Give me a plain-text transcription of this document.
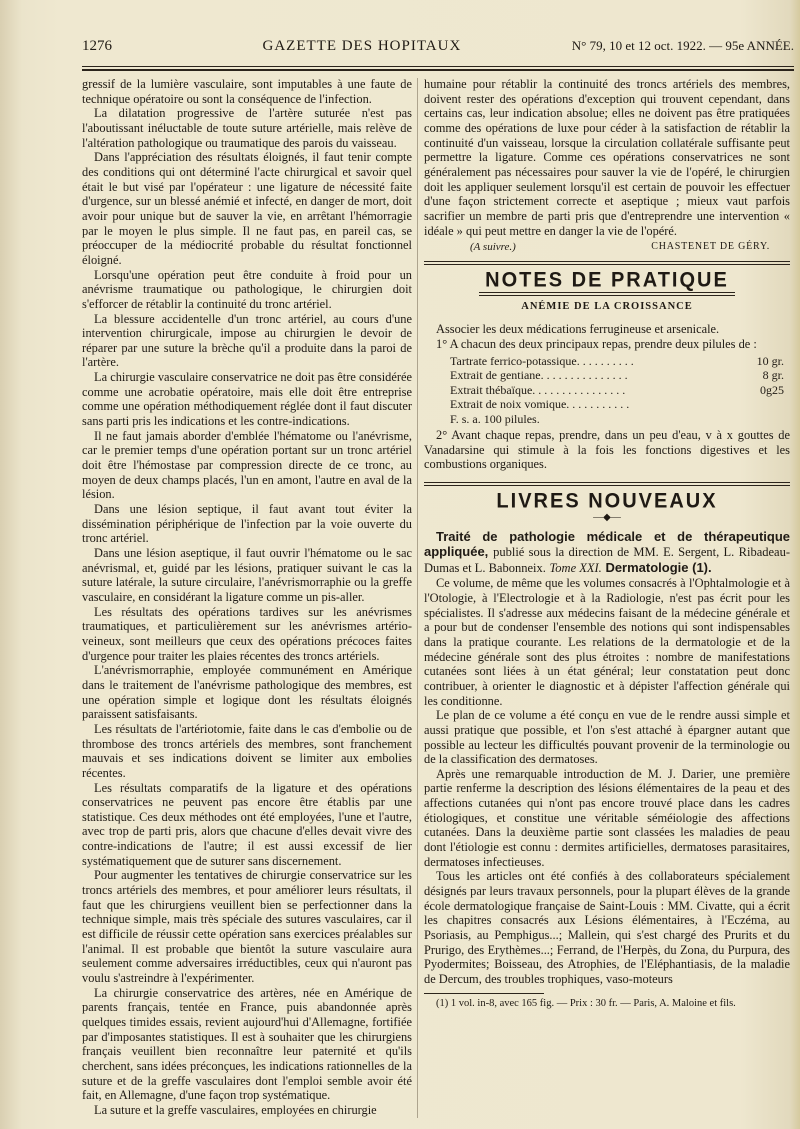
1276	GAZETTE DES HOPITAUX	N° 79, 10 et 12 oct. 1922. — 95e ANNÉE.

gressif de la lumière vasculaire, sont imputables à une faute de technique opératoire ou sont la conséquence de l'infection.

La dilatation progressive de l'artère suturée n'est pas l'aboutissant inéluctable de toute suture artérielle, mais relève de l'altération pathologique ou traumatique des parois du vaisseau.

Dans l'appréciation des résultats éloignés, il faut tenir compte des conditions qui ont déterminé l'acte chirurgical et savoir quel était le but visé par l'opérateur : une ligature de nécessité faite d'urgence, sur un blessé anémié et infecté, en danger de mort, doit avoir pour unique but de sauver la vie, en arrêtant l'hémorragie par le moyen le plus simple. Il ne faut pas, en pareil cas, se préoccuper de la médiocrité probable du résultat fonctionnel éloigné.

Lorsqu'une opération peut être conduite à froid pour un anévrisme traumatique ou pathologique, le chirurgien doit s'efforcer de rétablir la continuité du tronc artériel.

La blessure accidentelle d'un tronc artériel, au cours d'une intervention chirurgicale, impose au chirurgien le devoir de réparer par une suture la brèche qu'il a produite dans la paroi de l'artère.

La chirurgie vasculaire conservatrice ne doit pas être considérée comme une acrobatie opératoire, mais elle doit être entreprise comme une opération méthodiquement réglée dont il faut discuter sans parti pris les indications et les contre-indications.

Il ne faut jamais aborder d'emblée l'hématome ou l'anévrisme, car le premier temps d'une opération portant sur un tronc artériel doit être l'hémostase par compression directe de ce tronc, au moyen de deux champs placés, l'un en amont, l'autre en aval de la lésion.

Dans une lésion septique, il faut avant tout éviter la dissémination périphérique de l'infection par la voie ouverte du tronc artériel.

Dans une lésion aseptique, il faut ouvrir l'hématome ou le sac anévrismal, et, guidé par les lésions, pratiquer suivant le cas la suture latérale, la suture circulaire, l'anévrismorraphie ou la greffe vasculaire, en considérant la ligature comme un pis-aller.

Les résultats des opérations tardives sur les anévrismes traumatiques, et particulièrement sur les anévrismes artério-veineux, sont meilleurs que ceux des opérations précoces faites d'urgence pour traiter les plaies récentes des troncs artériels.

L'anévrismorraphie, employée communément en Amérique dans le traitement de l'anévrisme pathologique des membres, est une opération simple et logique dont les résultats éloignés paraissent satisfaisants.

Les résultats de l'artériotomie, faite dans le cas d'embolie ou de thrombose des troncs artériels des membres, sont franchement mauvais et ses indications doivent se limiter aux embolies récentes.

Les résultats comparatifs de la ligature et des opérations conservatrices ne peuvent pas encore être établis par une statistique. Ces deux méthodes ont été employées, l'une et l'autre, avec trop de parti pris, alors que chacune d'elles devait vivre des contre-indications de l'autre; il est aussi excessif de lier systématiquement que de suturer sans discernement.

Pour augmenter les tentatives de chirurgie conservatrice sur les troncs artériels des membres, et pour améliorer leurs résultats, il faut que les chirurgiens veuillent bien se perfectionner dans la technique simple, mais très spéciale des sutures vasculaires, car il est difficile de réussir cette opération sans exercices préalables sur l'animal. Il est probable que bientôt la suture vasculaire aura seulement comme adversaires irréductibles, ceux qui n'auront pas voulu s'astreindre à l'expérimenter.

La chirurgie conservatrice des artères, née en Amérique de parents français, tentée en France, puis abandonnée après quelques timides essais, revient aujourd'hui d'Allemagne, fortifiée par d'imposantes statistiques. Il est à souhaiter que les chirurgiens français veuillent bien reconnaître leur paternité et qu'ils cherchent, sans idées préconçues, les indications rationnelles de la suture et de la greffe vasculaires dont l'emploi semble avoir été fait, en Allemagne, d'une façon trop systématique.

La suture et la greffe vasculaires, employées en chirurgie

humaine pour rétablir la continuité des troncs artériels des membres, doivent rester des opérations d'exception qui trouvent cependant, dans certains cas, leur indication absolue; elles ne doivent pas être pratiquées comme des opérations de luxe pour céder à la satisfaction de rétablir la continuité d'un vaisseau, lorsque la circulation collatérale suffisante peut permettre la ligature. Comme ces opérations conservatrices ne sont généralement pas nécessaires pour sauver la vie de l'opéré, le chirurgien doit les appliquer seulement lorsqu'il est certain de pouvoir les effectuer d'une façon strictement correcte et aseptique ; mieux vaut parfois sacrifier un membre de parti pris que d'entreprendre une intervention « idéale » qui peut mettre en danger la vie de l'opéré.

(A suivre.)	CHASTENET DE GÉRY.
NOTES DE PRATIQUE
ANÉMIE DE LA CROISSANCE

Associer les deux médications ferrugineuse et arsenicale.

1° A chacun des deux principaux repas, prendre deux pilules de :

Tartrate ferrico-potassique. . . . . . . . . .	10 gr.
Extrait de gentiane. . . . . . . . . . . . . . .	8 gr.
Extrait thébaïque. . . . . . . . . . . . . . . .	0g25
Extrait de noix vomique. . . . . . . . . . .
F. s. a. 100 pilules.

2° Avant chaque repas, prendre, dans un peu d'eau, v à x gouttes de Vanadarsine qui stimule à la fois les fonctions digestives et les combustions organiques.

LIVRES NOUVEAUX
—◆—

Traité de pathologie médicale et de thérapeutique appliquée, publié sous la direction de MM. E. Sergent, L. Ribadeau-Dumas et L. Babonneix. Tome XXI. Dermatologie (1).

Ce volume, de même que les volumes consacrés à l'Ophtalmologie et à l'Otologie, à l'Electrologie et à la Radiologie, n'est pas écrit pour les spécialistes. Il s'adresse aux médecins faisant de la médecine générale et a pour but de condenser l'ensemble des notions qui sont indispensables dans la pratique courante. Les relations de la dermatologie et de la médecine générale sont des plus étroites : nombre de manifestations cutanées sont liées à un état général; leur constatation peut donc contribuer, à orienter le diagnostic et à dépister l'affection générale qui les conditionne.

Le plan de ce volume a été conçu en vue de le rendre aussi simple et aussi pratique que possible, et l'on s'est attaché à épargner autant que possible au lecteur les difficultés pouvant provenir de la terminologie ou de la classification des dermatoses.

Après une remarquable introduction de M. J. Darier, une première partie renferme la description des lésions élémentaires de la peau et des affections cutanées qui n'ont pas encore trouvé place dans les cadres étiologiques, et constitue une véritable séméiologie des affections cutanées. Dans la deuxième partie sont classées les maladies de peau dont l'étiologie est connu : dermites artificielles, dermatoses parasitaires, dermatoses infectieuses.

Tous les articles ont été confiés à des collaborateurs spécialement désignés par leurs travaux personnels, pour la plupart élèves de la grande école dermatologique française de Saint-Louis : MM. Civatte, qui a écrit les chapitres consacrés aux Lésions élémentaires, à l'Eczéma, au Psoriasis, au Pemphigus...; Mallein, qui s'est chargé des Prurits et du Prurigo, des Erythèmes...; Ferrand, de l'Herpès, du Zona, du Purpura, des Pyodermites; Boisseau, des Atrophies, de l'Eléphantiasis, de la maladie de Dercum, des troubles trophiques, vaso-moteurs

(1) 1 vol. in-8, avec 165 fig. — Prix : 30 fr. — Paris, A. Maloine et fils.
